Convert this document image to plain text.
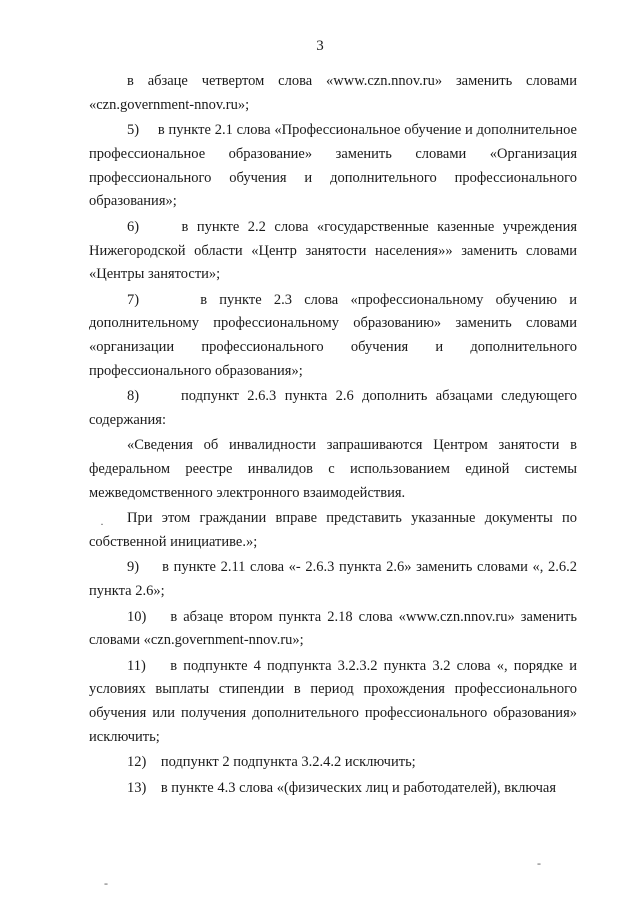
3

в абзаце четвертом слова «www.czn.nnov.ru» заменить словами «czn.government-nnov.ru»;

5)     в пункте 2.1 слова «Профессиональное обучение и дополнительное профессиональное образование» заменить словами «Организация профессионального обучения и дополнительного профессионального образования»;

6)     в пункте 2.2 слова «государственные казенные учреждения Нижегородской области «Центр занятости населения»» заменить словами «Центры занятости»;

7)     в пункте 2.3 слова «профессиональному обучению и дополнительному профессиональному образованию» заменить словами «организации профессионального обучения и дополнительного профессионального образования»;

8)     подпункт 2.6.3 пункта 2.6 дополнить абзацами следующего содержания:

«Сведения об инвалидности запрашиваются Центром занятости в федеральном реестре инвалидов с использованием единой системы межведомственного электронного взаимодействия.

При этом граждании вправе представить указанные документы по собственной инициативе.»;

9)     в пункте 2.11 слова «- 2.6.3 пункта 2.6» заменить словами «, 2.6.2 пункта 2.6»;

10)    в абзаце втором пункта 2.18 слова «www.czn.nnov.ru» заменить словами «czn.government-nnov.ru»;

11)    в подпункте 4 подпункта 3.2.3.2 пункта 3.2 слова «, порядке и условиях выплаты стипендии в период прохождения профессионального обучения или получения дополнительного профессионального образования» исключить;

12)    подпункт 2 подпункта 3.2.4.2 исключить;

13)    в пункте 4.3 слова «(физических лиц и работодателей), включая

·
-
-
